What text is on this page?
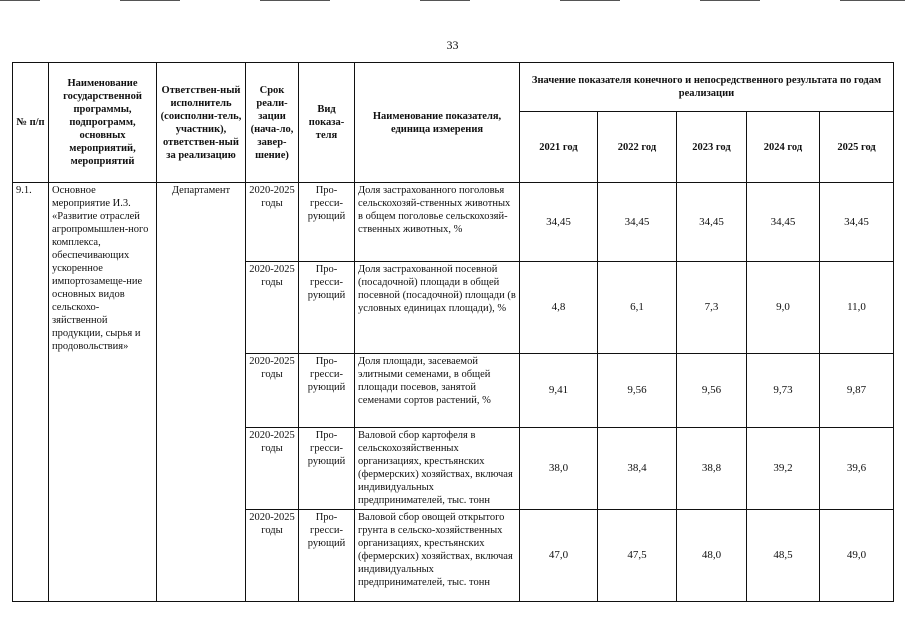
33
№ п/п	Наименование государственной программы, подпрограмм, основных мероприятий, мероприятий	Ответствен-ный исполнитель (соисполни-тель, участник), ответствен-ный за реализацию	Срок реали-зации (нача-ло, завер-шение)	Вид показа-теля	Наименование показателя, единица измерения	Значение показателя конечного и непосредственного результата по годам реализации				
						2021 год	2022 год	2023 год	2024 год	2025 год
9.1.	Основное мероприятие И.3. «Развитие отраслей агропромышлен-ного комплекса, обеспечивающих ускоренное импортозамеще-ние основных видов сельскохо-зяйственной продукции, сырья и продовольствия»	Департамент	2020-2025 годы	Про-гресси-рующий	Доля застрахованного поголовья сельскохозяй-ственных животных в общем поголовье сельскохозяй-ственных животных, %	34,45	34,45	34,45	34,45	34,45
			2020-2025 годы	Про-гресси-рующий	Доля застрахованной посевной (посадочной) площади в общей посевной (посадочной) площади (в условных единицах площади), %	4,8	6,1	7,3	9,0	11,0
			2020-2025 годы	Про-гресси-рующий	Доля площади, засеваемой элитными семенами, в общей площади посевов, занятой семенами сортов растений, %	9,41	9,56	9,56	9,73	9,87
			2020-2025 годы	Про-гресси-рующий	Валовой сбор картофеля в сельскохозяйственных организациях, крестьянских (фермерских) хозяйствах, включая индивидуальных предпринимателей, тыс. тонн	38,0	38,4	38,8	39,2	39,6
			2020-2025 годы	Про-гресси-рующий	Валовой сбор овощей открытого грунта в сельско-хозяйственных организациях, крестьянских (фермерских) хозяйствах, включая индивидуальных предпринимателей, тыс. тонн	47,0	47,5	48,0	48,5	49,0
